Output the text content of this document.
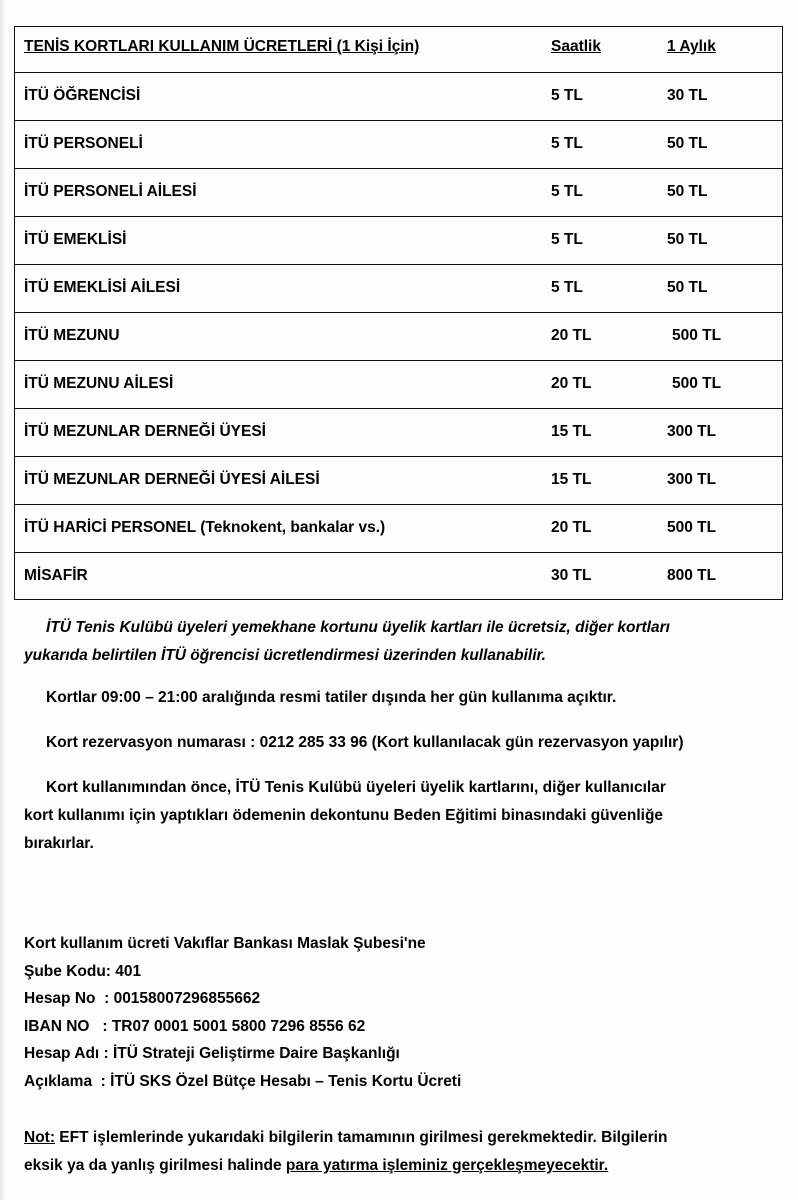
TENİS KORTLARI KULLANIM ÜCRETLERİ (1 Kişi İçin)	Saatlik	1 Aylık

İTÜ ÖĞRENCİSİ	5 TL	30 TL

İTÜ PERSONELİ	5 TL	50 TL

İTÜ PERSONELİ AİLESİ	5 TL	50 TL

İTÜ EMEKLİSİ	5 TL	50 TL

İTÜ EMEKLİSİ AİLESİ	5 TL	50 TL

İTÜ MEZUNU	20 TL	500 TL

İTÜ MEZUNU AİLESİ	20 TL	500 TL

İTÜ MEZUNLAR DERNEĞİ ÜYESİ	15 TL	300 TL

İTÜ MEZUNLAR DERNEĞİ ÜYESİ AİLESİ	15 TL	300 TL

İTÜ HARİCİ PERSONEL (Teknokent, bankalar vs.)	20 TL	500 TL

MİSAFİR	30 TL	800 TL
İTÜ Tenis Kulübü üyeleri yemekhane kortunu üyelik kartları ile ücretsiz, diğer kortları
yukarıda belirtilen İTÜ öğrencisi ücretlendirmesi üzerinden kullanabilir.
Kortlar 09:00 – 21:00 aralığında resmi tatiler dışında her gün kullanıma açıktır.
Kort rezervasyon numarası : 0212 285 33 96 (Kort kullanılacak gün rezervasyon yapılır)
Kort kullanımından önce, İTÜ Tenis Kulübü üyeleri üyelik kartlarını, diğer kullanıcılar
kort kullanımı için yaptıkları ödemenin dekontunu Beden Eğitimi binasındaki güvenliğe
bırakırlar.
Kort kullanım ücreti Vakıflar Bankası Maslak Şubesi'ne
Şube Kodu: 401
Hesap No  : 00158007296855662
IBAN NO   : TR07 0001 5001 5800 7296 8556 62
Hesap Adı : İTÜ Strateji Geliştirme Daire Başkanlığı
Açıklama  : İTÜ SKS Özel Bütçe Hesabı – Tenis Kortu Ücreti
Not: EFT işlemlerinde yukarıdaki bilgilerin tamamının girilmesi gerekmektedir. Bilgilerin
eksik ya da yanlış girilmesi halinde para yatırma işleminiz gerçekleşmeyecektir.
